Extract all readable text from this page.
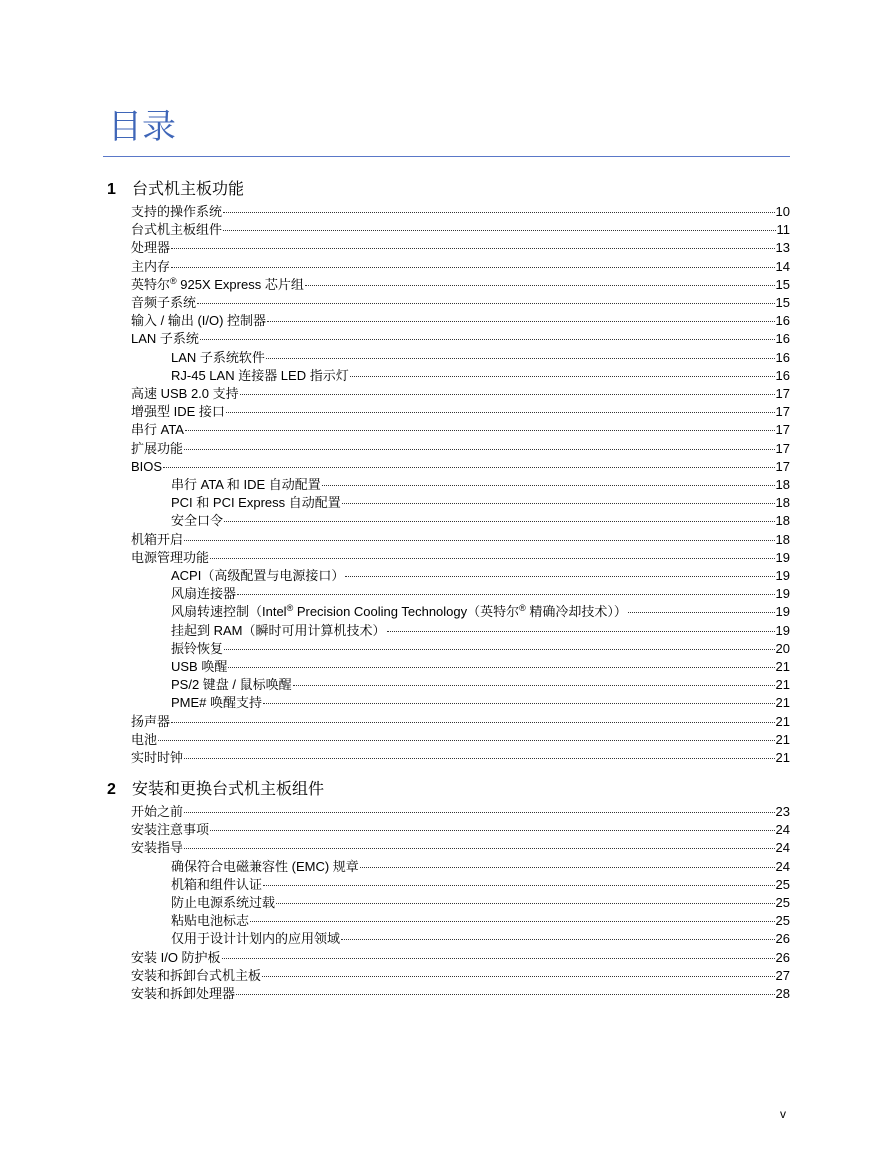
目录
1 台式机主板功能
支持的操作系统	10
台式机主板组件	11
处理器	13
主内存	14
英特尔® 925X Express 芯片组	15
音频子系统	15
输入 / 输出 (I/O) 控制器	16
LAN 子系统	16
LAN 子系统软件	16
RJ-45 LAN 连接器 LED 指示灯	16
高速 USB 2.0 支持	17
增强型 IDE 接口	17
串行 ATA	17
扩展功能	17
BIOS	17
串行 ATA 和 IDE 自动配置	18
PCI 和 PCI Express 自动配置	18
安全口令	18
机箱开启	18
电源管理功能	19
ACPI（高级配置与电源接口）	19
风扇连接器	19
风扇转速控制（Intel® Precision Cooling Technology（英特尔® 精确冷却技术））	19
挂起到 RAM（瞬时可用计算机技术）	19
振铃恢复	20
USB 唤醒	21
PS/2 键盘 / 鼠标唤醒	21
PME# 唤醒支持	21
扬声器	21
电池	21
实时时钟	21
2 安装和更换台式机主板组件
开始之前	23
安装注意事项	24
安装指导	24
确保符合电磁兼容性 (EMC) 规章	24
机箱和组件认证	25
防止电源系统过载	25
粘贴电池标志	25
仅用于设计计划内的应用领域	26
安装 I/O 防护板	26
安装和拆卸台式机主板	27
安装和拆卸处理器	28
v
